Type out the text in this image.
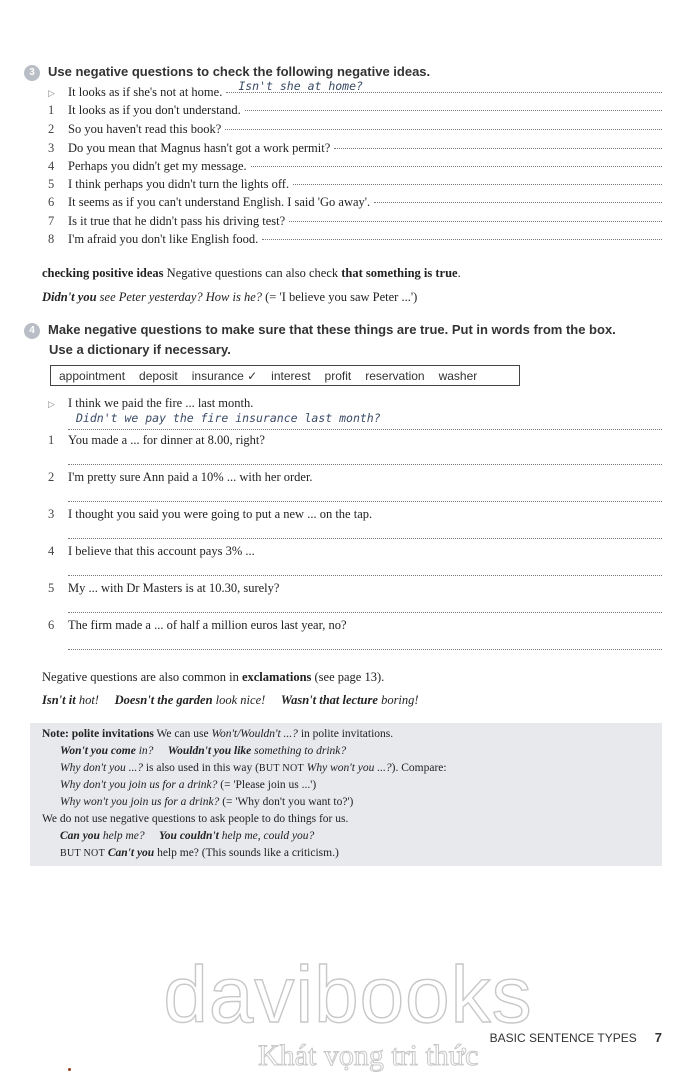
3 Use negative questions to check the following negative ideas.
▷	It looks as if she's not at home. Isn't she at home?
1	It looks as if you don't understand.
2	So you haven't read this book?
3	Do you mean that Magnus hasn't got a work permit?
4	Perhaps you didn't get my message.
5	I think perhaps you didn't turn the lights off.
6	It seems as if you can't understand English. I said 'Go away'.
7	Is it true that he didn't pass his driving test?
8	I'm afraid you don't like English food.
checking positive ideas Negative questions can also check that something is true.
Didn't you see Peter yesterday? How is he? (= 'I believe you saw Peter ...')
4 Make negative questions to make sure that these things are true. Put in words from the box.
Use a dictionary if necessary.
appointment deposit insurance ✓ interest profit reservation washer
▷	I think we paid the fire ... last month.
Didn't we pay the fire insurance last month?
1	You made a ... for dinner at 8.00, right?
2	I'm pretty sure Ann paid a 10% ... with her order.
3	I thought you said you were going to put a new ... on the tap.
4	I believe that this account pays 3% ...
5	My ... with Dr Masters is at 10.30, surely?
6	The firm made a ... of half a million euros last year, no?
Negative questions are also common in exclamations (see page 13).
Isn't it hot! Doesn't the garden look nice! Wasn't that lecture boring!
Note: polite invitations We can use Won't/Wouldn't ...? in polite invitations.
Won't you come in? Wouldn't you like something to drink?
Why don't you ...? is also used in this way (BUT NOT Why won't you ...?). Compare:
Why don't you join us for a drink? (= 'Please join us ...')
Why won't you join us for a drink? (= 'Why don't you want to?')
We do not use negative questions to ask people to do things for us.
Can you help me? You couldn't help me, could you?
BUT NOT Can't you help me? (This sounds like a criticism.)
davibooks
Khát vọng tri thức
BASIC SENTENCE TYPES 7
